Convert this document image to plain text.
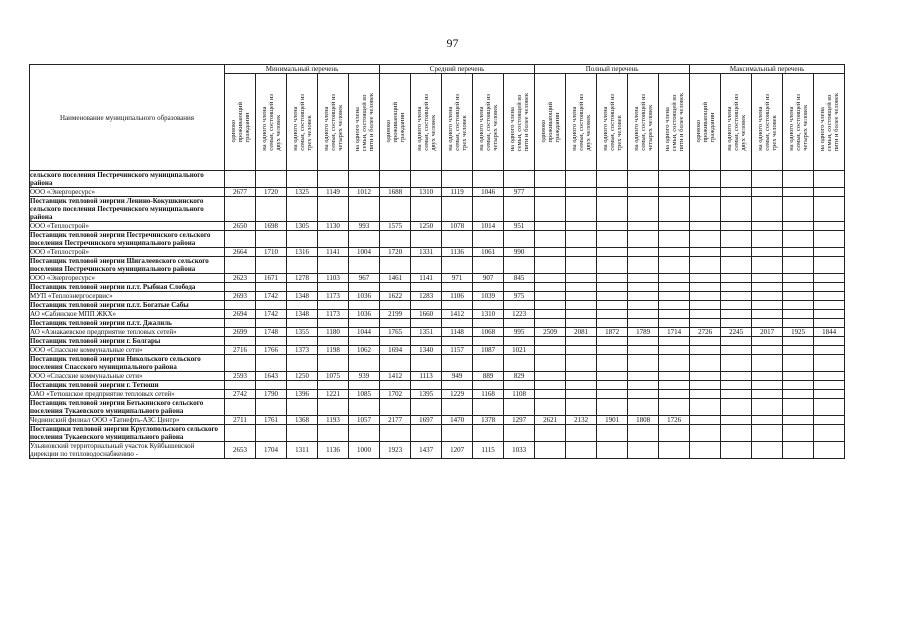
97
Наименование муниципального образования	Минимальный перечень					Средний перечень					Полный перечень					Максимальный перечень				

	одиноко
проживающий
гражданин	на одного члена
семьи, состоящей из
двух человек	на одного члена
семьи, состоящей из
трех человек	на одного члена
семьи, состоящей из
четырех человек	на одного члена
семьи, состоящей из
пяти и более человек	одиноко
проживающий
гражданин	на одного члена
семьи, состоящей из
двух человек	на одного члена
семьи, состоящей из
трех человек	на одного члена
семьи, состоящей из
четырех человек	на одного члена
семьи, состоящей из
пяти и более человек	одиноко
проживающий
гражданин	на одного члена
семьи, состоящей из
двух человек	на одного члена
семьи, состоящей из
трех человек	на одного члена
семьи, состоящей из
четырех человек	на одного члена
семьи, состоящей из
пяти и более человек	одиноко
проживающий
гражданин	на одного члена
семьи, состоящей из
двух человек	на одного члена
семьи, состоящей из
трех человек	на одного члена
семьи, состоящей из
четырех человек	на одного члена
семьи, состоящей из
пяти и более человек

сельского поселения Пестречинского муниципального района																				
ООО «Энергоресурс»	2677	1720	1325	1149	1012	1688	1310	1119	1046	977										
Поставщик тепловой энергии Ленино-Кокушкинского сельского поселения Пестречинского муниципального района																				
ООО «Теплострой»	2650	1698	1305	1130	993	1575	1250	1078	1014	951										
Поставщик тепловой энергии Пестречинского сельского поселения Пестречинского муниципального района																				
ООО «Теплострой»	2664	1710	1316	1141	1004	1720	1331	1136	1061	990										
Поставщик тепловой энергии Шигалеевского сельского поселения Пестречинского муниципального района																				
ООО «Энергоресурс»	2623	1671	1278	1103	967	1461	1141	971	907	845										
Поставщик тепловой энергии п.г.т. Рыбная Слобода																				
МУП «Теплоэнергосервис»	2693	1742	1348	1173	1036	1622	1283	1106	1039	975										
Поставщик тепловой энергии п.г.т. Богатые Сабы																				
АО «Сабинское МПП ЖКХ»	2694	1742	1348	1173	1036	2199	1660	1412	1310	1223										
Поставщик тепловой энергии п.г.т. Джалиль																				
АО «Азнакаевское предприятие тепловых сетей»	2699	1748	1355	1180	1044	1765	1351	1148	1068	995	2509	2081	1872	1789	1714	2726	2245	2017	1925	1844
Поставщик тепловой энергии г. Болгары																				
ООО «Спасские коммунальные сети»	2716	1766	1373	1198	1062	1694	1340	1157	1087	1021										
Поставщик тепловой энергии Никольского сельского поселения Спасского муниципального района																				
ООО «Спасские коммунальные сети»	2593	1643	1250	1075	939	1412	1113	949	889	829										
Поставщик тепловой энергии г. Тетюши																				
ОАО «Тетюшское предприятие тепловых сетей»	2742	1790	1396	1221	1085	1702	1395	1229	1168	1108										
Поставщик тепловой энергии Бетькинского сельского поселения Тукаевского муниципального района																				
Чеднинский филиал ООО «Татнефть-АЗС Центр»	2711	1761	1368	1193	1057	2177	1697	1470	1378	1297	2621	2132	1901	1808	1726					
Поставщики тепловой энергии Круглопольского сельского поселения Тукаевского муниципального района																				
Ульяновский территориальный участок Куйбышевской дирекции по тепловодоснабжению -	2653	1704	1311	1136	1000	1923	1437	1207	1115	1033										
